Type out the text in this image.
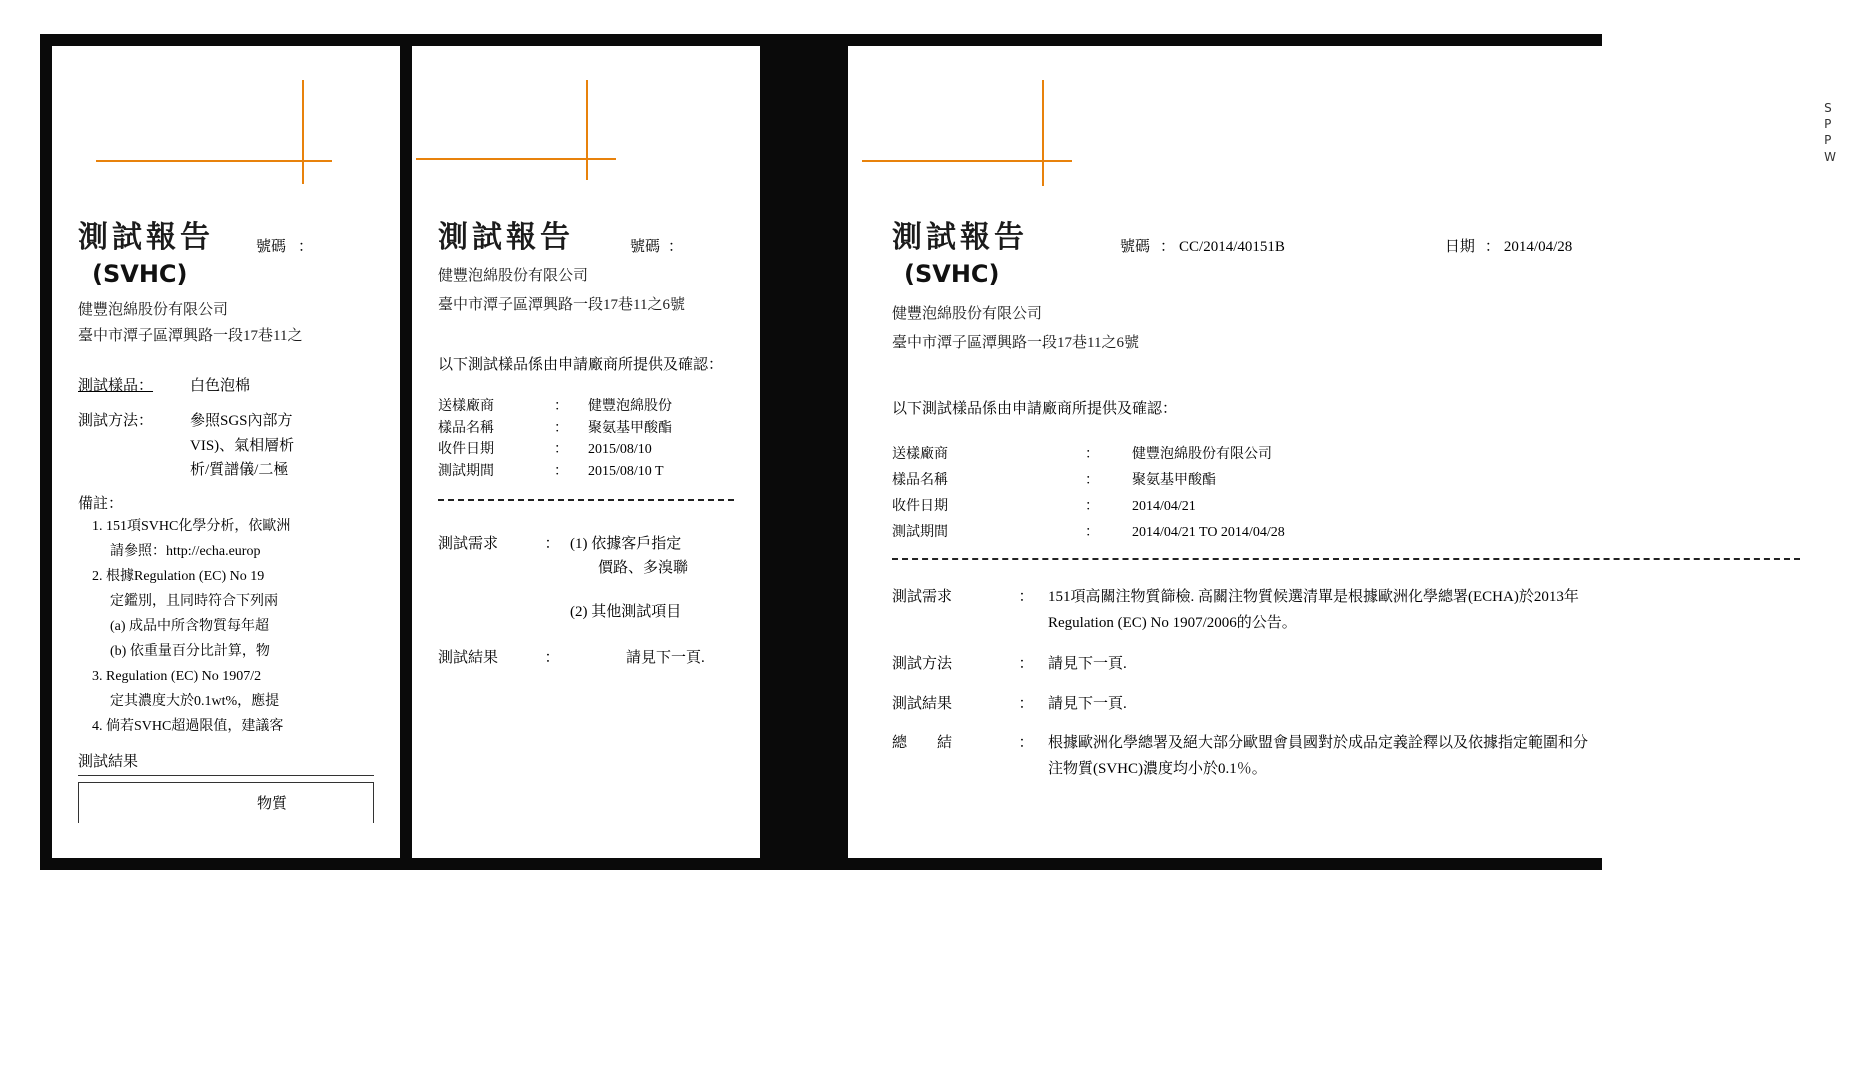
測試報告	號碼 ：
(SVHC)
健豐泡綿股份有限公司
臺中市潭子區潭興路一段17巷11之
測試樣品：	白色泡棉
測試方法：	參照SGS內部方
VIS)、氣相層析
析/質譜儀/二極
備註：
1. 151項SVHC化學分析，依歐洲
請參照：http://echa.europ
2. 根據Regulation (EC) No 19
定鑑別，且同時符合下列兩
(a) 成品中所含物質每年超
(b) 依重量百分比計算，物
3. Regulation (EC) No 1907/2
定其濃度大於0.1wt%，應提
4. 倘若SVHC超過限值，建議客
測試結果
物質
測試報告	號碼 ：
健豐泡綿股份有限公司
臺中市潭子區潭興路一段17巷11之6號
以下測試樣品係由申請廠商所提供及確認：
送樣廠商	：	健豐泡綿股份
樣品名稱	：	聚氨基甲酸酯
收件日期	：	2015/08/10
測試期間	：	2015/08/10 T
測試需求	： (1) 依據客戶指定
價路、多溴聯
(2) 其他測試項目
測試結果	：	請見下一頁.
測試報告	號碼 ： CC/2014/40151B	日期 ： 2014/04/28
(SVHC)
健豐泡綿股份有限公司
臺中市潭子區潭興路一段17巷11之6號
以下測試樣品係由申請廠商所提供及確認：
送樣廠商	：	健豐泡綿股份有限公司
樣品名稱	：	聚氨基甲酸酯
收件日期	：	2014/04/21
測試期間	：	2014/04/21 TO 2014/04/28
測試需求	： 151項高關注物質篩檢. 高關注物質候選清單是根據歐洲化學總署(ECHA)於2013年
Regulation (EC) No 1907/2006的公告。
測試方法	： 請見下一頁.
測試結果	： 請見下一頁.
總　　結	： 根據歐洲化學總署及絕大部分歐盟會員國對於成品定義詮釋以及依據指定範圍和分
注物質(SVHC)濃度均小於0.1％。
S
P
P
W
